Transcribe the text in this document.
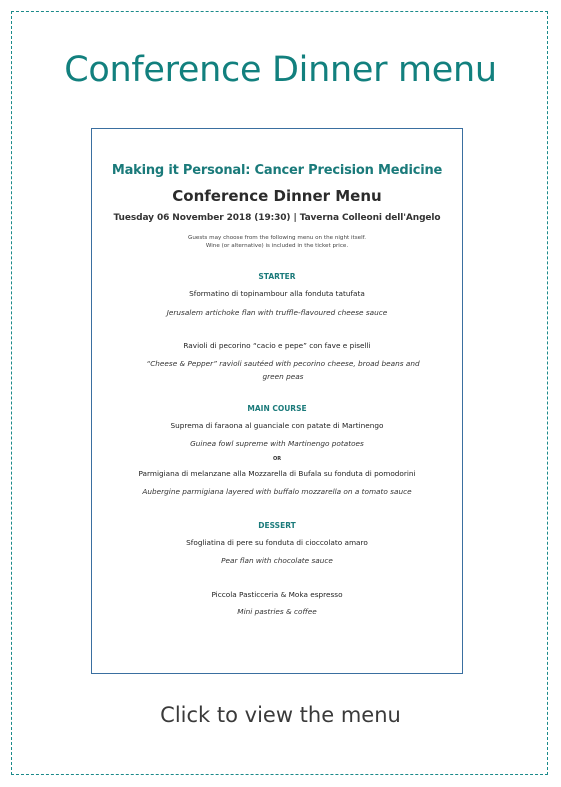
Conference Dinner menu
Making it Personal: Cancer Precision Medicine
Conference Dinner Menu
Tuesday 06 November 2018 (19:30) | Taverna Colleoni dell'Angelo
Guests may choose from the following menu on the night itself.
Wine (or alternative) is included in the ticket price.
STARTER
Sformatino di topinambour alla fonduta tatufata
Jerusalem artichoke flan with truffle-flavoured cheese sauce
Ravioli di pecorino “cacio e pepe” con fave e piselli
“Cheese & Pepper” ravioli sautéed with pecorino cheese, broad beans and green peas
MAIN COURSE
Suprema di faraona al guanciale con patate di Martinengo
Guinea fowl supreme with Martinengo potatoes
OR
Parmigiana di melanzane alla Mozzarella di Bufala su fonduta di pomodorini
Aubergine parmigiana layered with buffalo mozzarella on a tomato sauce
DESSERT
Sfogliatina di pere su fonduta di cioccolato amaro
Pear flan with chocolate sauce
Piccola Pasticceria & Moka espresso
Mini pastries & coffee
Click to view the menu
